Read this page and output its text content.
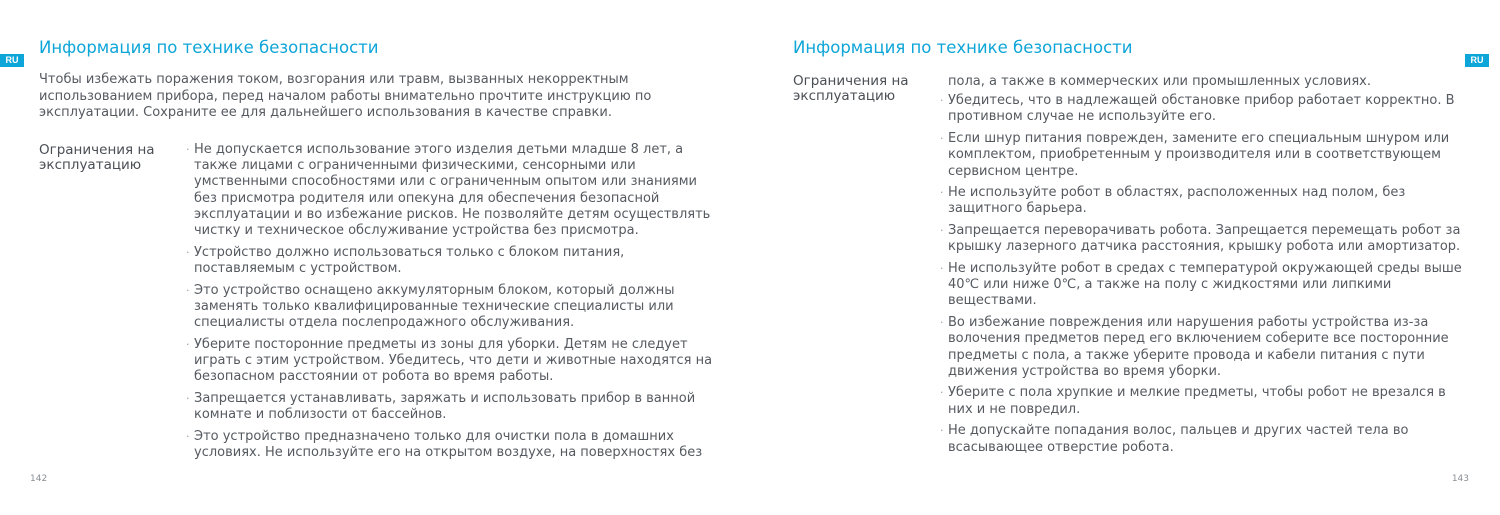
RU
Информация по технике безопасности
Чтобы избежать поражения током, возгорания или травм, вызванных некорректным использованием прибора, перед началом работы внимательно прочтите инструкцию по эксплуатации. Сохраните ее для дальнейшего использования в качестве справки.
Ограничения на эксплуатацию
· Не допускается использование этого изделия детьми младше 8 лет, а также лицами с ограниченными физическими, сенсорными или умственными способностями или с ограниченным опытом или знаниями без присмотра родителя или опекуна для обеспечения безопасной эксплуатации и во избежание рисков. Не позволяйте детям осуществлять чистку и техническое обслуживание устройства без присмотра.
· Устройство должно использоваться только с блоком питания, поставляемым с устройством.
· Это устройство оснащено аккумуляторным блоком, который должны заменять только квалифицированные технические специалисты или специалисты отдела послепродажного обслуживания.
· Уберите посторонние предметы из зоны для уборки. Детям не следует играть с этим устройством. Убедитесь, что дети и животные находятся на безопасном расстоянии от робота во время работы.
· Запрещается устанавливать, заряжать и использовать прибор в ванной комнате и поблизости от бассейнов.
· Это устройство предназначено только для очистки пола в домашних условиях. Не используйте его на открытом воздухе, на поверхностях без
142
RU
Информация по технике безопасности
Ограничения на эксплуатацию
пола, а также в коммерческих или промышленных условиях.
· Убедитесь, что в надлежащей обстановке прибор работает корректно. В противном случае не используйте его.
· Если шнур питания поврежден, замените его специальным шнуром или комплектом, приобретенным у производителя или в соответствующем сервисном центре.
· Не используйте робот в областях, расположенных над полом, без защитного барьера.
· Запрещается переворачивать робота. Запрещается перемещать робот за крышку лазерного датчика расстояния, крышку робота или амортизатор.
· Не используйте робот в средах с температурой окружающей среды выше 40℃ или ниже 0℃, а также на полу с жидкостями или липкими веществами.
· Во избежание повреждения или нарушения работы устройства из-за волочения предметов перед его включением соберите все посторонние предметы с пола, а также уберите провода и кабели питания с пути движения устройства во время уборки.
· Уберите с пола хрупкие и мелкие предметы, чтобы робот не врезался в них и не повредил.
· Не допускайте попадания волос, пальцев и других частей тела во всасывающее отверстие робота.
143
